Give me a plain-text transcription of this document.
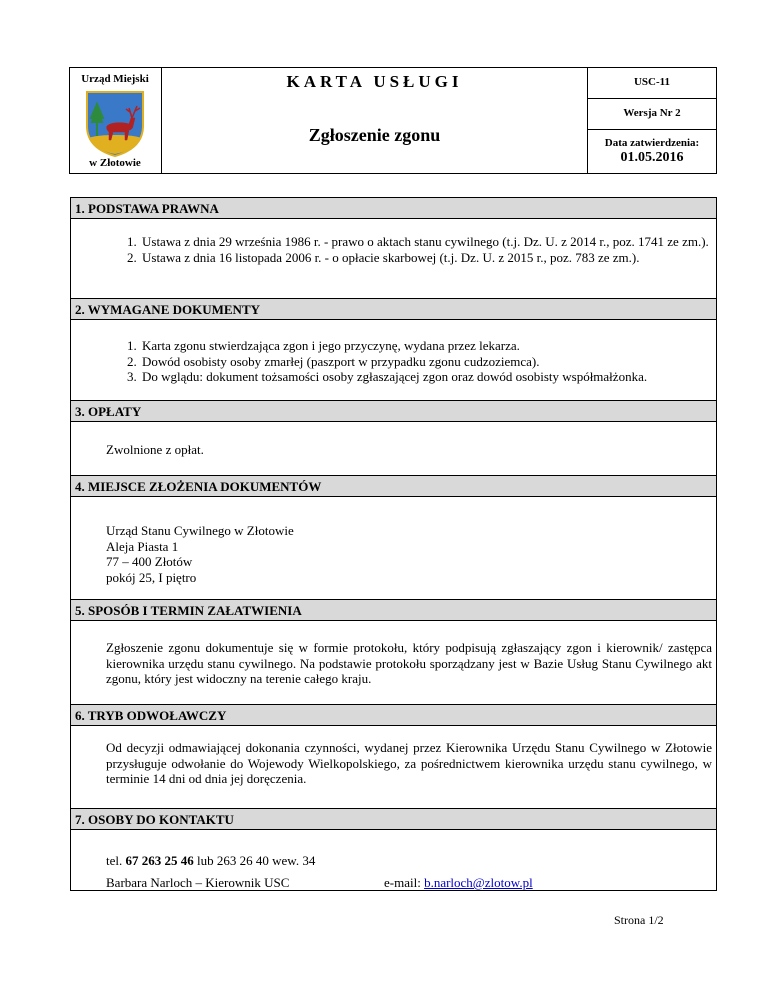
Urząd Miejski
w Złotowie
KARTA USŁUGI
Zgłoszenie zgonu
USC-11
Wersja Nr 2
Data zatwierdzenia:
01.05.2016
1. PODSTAWA PRAWNA
1. Ustawa z dnia 29 września 1986 r. - prawo o aktach stanu cywilnego (t.j. Dz. U. z 2014 r., poz. 1741 ze zm.).
2. Ustawa z dnia 16 listopada 2006 r. - o opłacie skarbowej (t.j. Dz. U. z 2015 r., poz. 783 ze zm.).
2. WYMAGANE DOKUMENTY
1. Karta zgonu stwierdzająca zgon i jego przyczynę, wydana przez lekarza.
2. Dowód osobisty osoby zmarłej (paszport w przypadku zgonu cudzoziemca).
3. Do wglądu: dokument tożsamości osoby zgłaszającej zgon oraz dowód osobisty współmałżonka.
3. OPŁATY
Zwolnione z opłat.
4. MIEJSCE ZŁOŻENIA DOKUMENTÓW
Urząd Stanu Cywilnego w Złotowie
Aleja Piasta 1
77 – 400 Złotów
pokój 25, I piętro
5. SPOSÓB I TERMIN ZAŁATWIENIA
Zgłoszenie zgonu dokumentuje się w formie protokołu, który podpisują zgłaszający zgon i kierownik/ zastępca kierownika urzędu stanu cywilnego. Na podstawie protokołu sporządzany jest w Bazie Usług Stanu Cywilnego akt zgonu, który jest widoczny na terenie całego kraju.
6. TRYB ODWOŁAWCZY
Od decyzji odmawiającej dokonania czynności, wydanej przez Kierownika Urzędu Stanu Cywilnego w Złotowie przysługuje odwołanie do Wojewody Wielkopolskiego, za pośrednictwem kierownika urzędu stanu cywilnego, w terminie 14 dni od dnia jej doręczenia.
7. OSOBY DO KONTAKTU
tel. 67 263 25 46 lub 263 26 40 wew. 34
Barbara Narloch – Kierownik USC	e-mail: b.narloch@zlotow.pl
Strona 1/2
